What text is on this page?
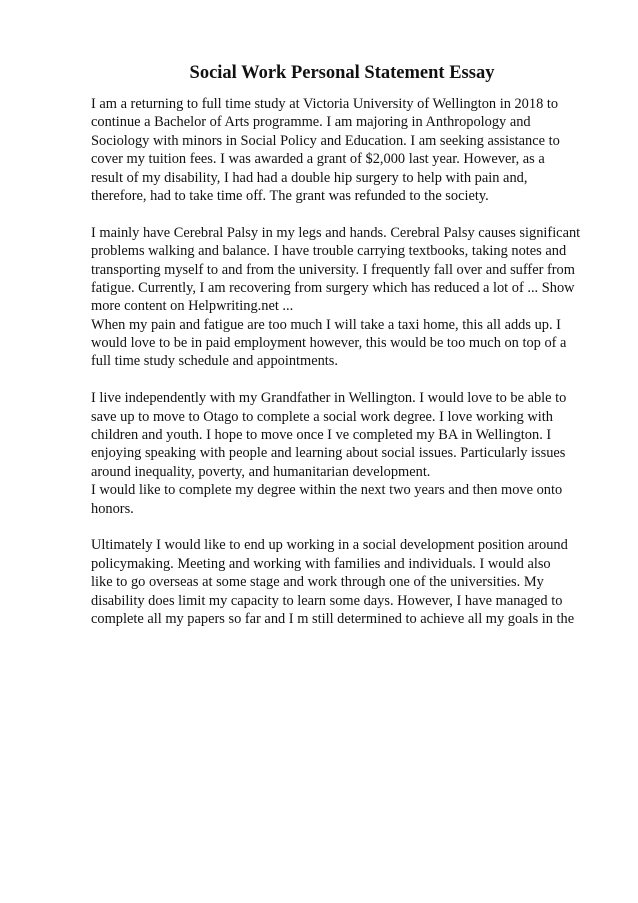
Social Work Personal Statement Essay
I am a returning to full time study at Victoria University of Wellington in 2018 to
continue a Bachelor of Arts programme. I am majoring in Anthropology and
Sociology with minors in Social Policy and Education. I am seeking assistance to
cover my tuition fees. I was awarded a grant of $2,000 last year. However, as a
result of my disability, I had had a double hip surgery to help with pain and,
therefore, had to take time off. The grant was refunded to the society.
I mainly have Cerebral Palsy in my legs and hands. Cerebral Palsy causes significant
problems walking and balance. I have trouble carrying textbooks, taking notes and
transporting myself to and from the university. I frequently fall over and suffer from
fatigue. Currently, I am recovering from surgery which has reduced a lot of ... Show
more content on Helpwriting.net ...
When my pain and fatigue are too much I will take a taxi home, this all adds up. I
would love to be in paid employment however, this would be too much on top of a
full time study schedule and appointments.
I live independently with my Grandfather in Wellington. I would love to be able to
save up to move to Otago to complete a social work degree. I love working with
children and youth. I hope to move once I ve completed my BA in Wellington. I
enjoying speaking with people and learning about social issues. Particularly issues
around inequality, poverty, and humanitarian development.
I would like to complete my degree within the next two years and then move onto
honors.
Ultimately I would like to end up working in a social development position around
policymaking. Meeting and working with families and individuals. I would also
like to go overseas at some stage and work through one of the universities. My
disability does limit my capacity to learn some days. However, I have managed to
complete all my papers so far and I m still determined to achieve all my goals in the
